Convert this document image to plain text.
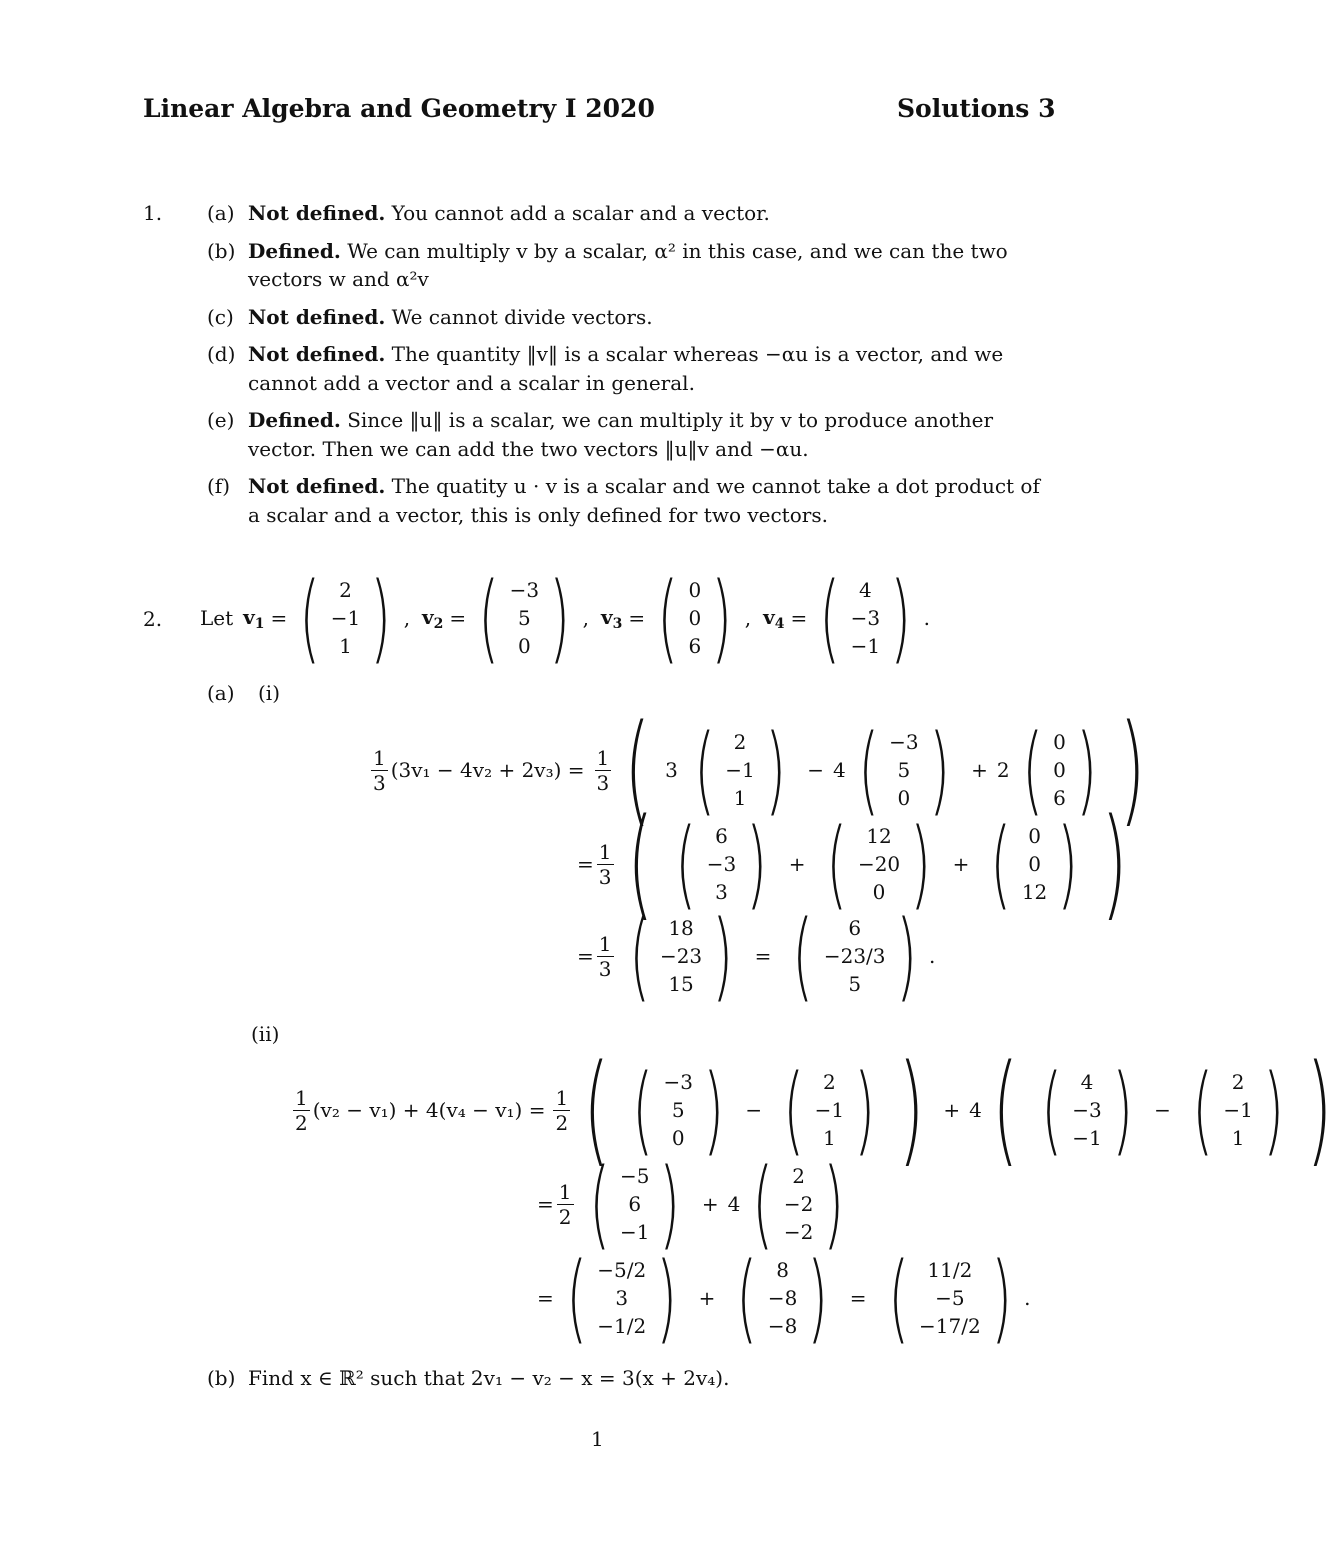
Linear Algebra and Geometry I 2020	Solutions 3
1. (a) Not defined. You cannot add a scalar and a vector.
(b) Defined. We can multiply v by a scalar, α² in this case, and we can the two
vectors w and α²v
(c) Not defined. We cannot divide vectors.
(d) Not defined. The quantity ‖v‖ is a scalar whereas −αu is a vector, and we
cannot add a vector and a scalar in general.
(e) Defined. Since ‖u‖ is a scalar, we can multiply it by v to produce another
vector. Then we can add the two vectors ‖u‖v and −αu.
(f) Not defined. The quatity u · v is a scalar and we cannot take a dot product of
a scalar and a vector, this is only defined for two vectors.
2. Let $v_1$ = ( 2
−1
1 ) , $v_2$ = ( −3
5
0 ) , $v_3$ = ( 0
0
6 ) , $v_4$ = ( 4
−3
−1 ) .
(a) (i)
$\frac{1}{3} (3v_1 - 4v_2 + 2v_3) = \frac{1}{3}$ ( 3 ( 2
−1
1 ) − 4 ( −3
5
0 ) + 2 ( 0
0
6 ) )
= $\frac{1}{3}$ ( ( 6
−3
3 ) + ( 12
−20
0 ) + ( 0
0
12 ) )
= $\frac{1}{3}$ ( 18
−23
15 ) = ( 6
−23/3
5 ) .
(ii)
$\frac{1}{2} (v_2 - v_1) + 4(v_4 - v_1) = \frac{1}{2}$ ( ( −3
5
0 ) − ( 2
−1
1 ) ) + 4 ( ( 4
−3
−1 ) − ( 2
−1
1 ) )
= $\frac{1}{2}$ ( −5
6
−1 ) + 4 ( 2
−2
−2 )
= ( −5/2
3
−1/2 ) + ( 8
−8
−8 ) = ( 11/2
−5
−17/2 ) .
(b) Find x ∈ ℝ² such that 2v₁ − v₂ − x = 3(x + 2v₄).
1
